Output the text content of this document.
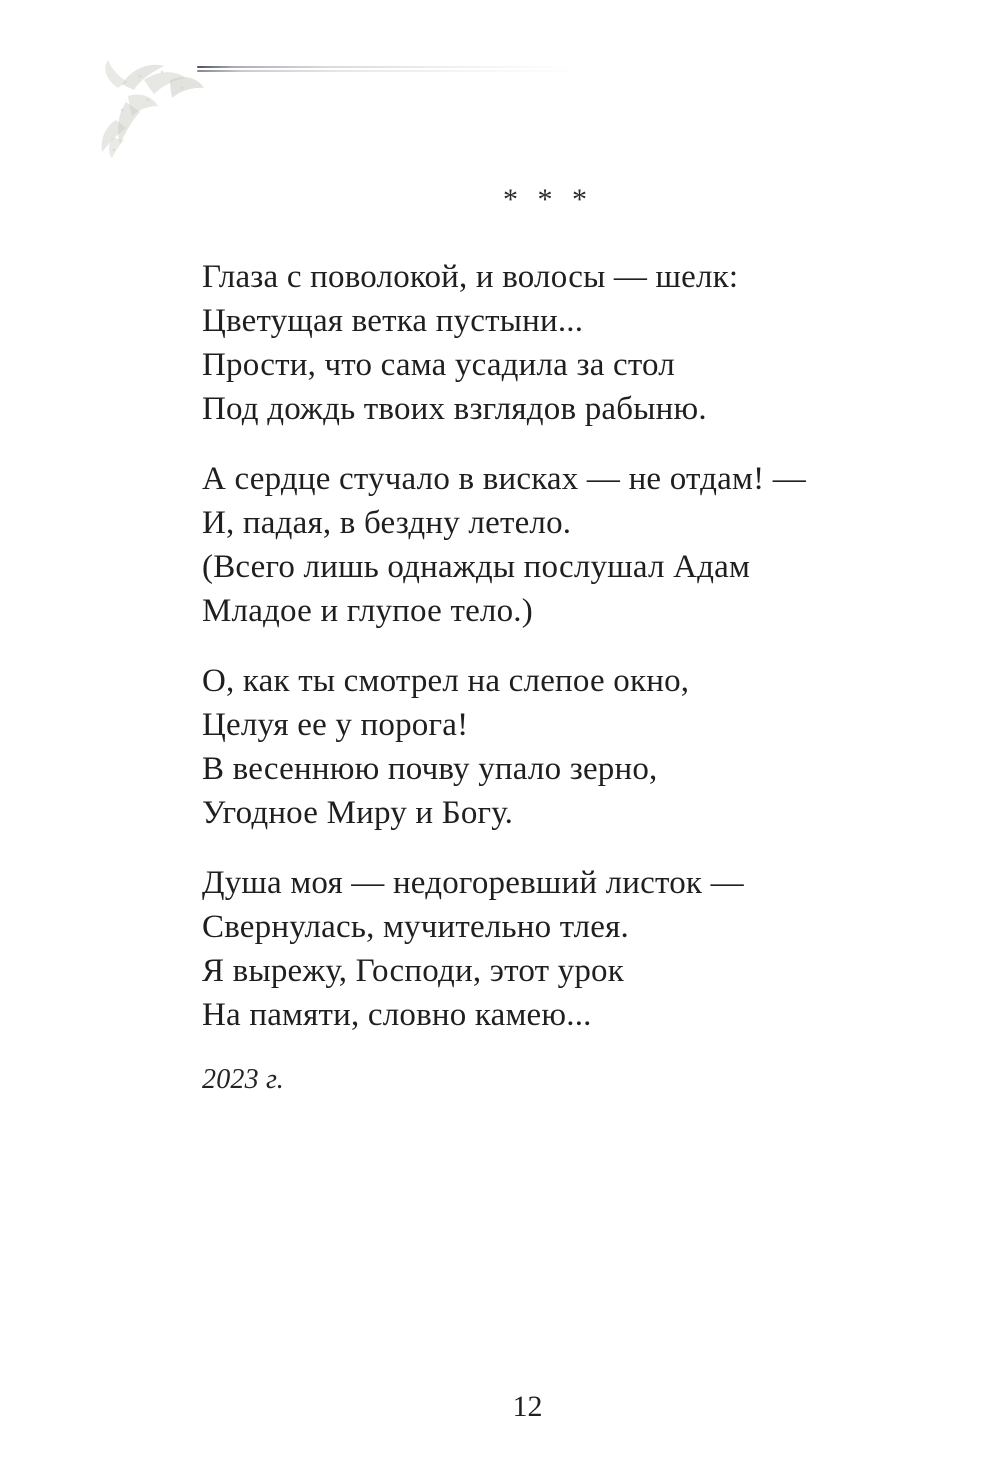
* * *
Глаза с поволокой, и волосы — шелк:
Цветущая ветка пустыни...
Прости, что сама усадила за стол
Под дождь твоих взглядов рабыню.
А сердце стучало в висках — не отдам! —
И, падая, в бездну летело.
(Всего лишь однажды послушал Адам
Младое и глупое тело.)
О, как ты смотрел на слепое окно,
Целуя ее у порога!
В весеннюю почву упало зерно,
Угодное Миру и Богу.
Душа моя — недогоревший листок —
Свернулась, мучительно тлея.
Я вырежу, Господи, этот урок
На памяти, словно камею...
2023 г.
12
